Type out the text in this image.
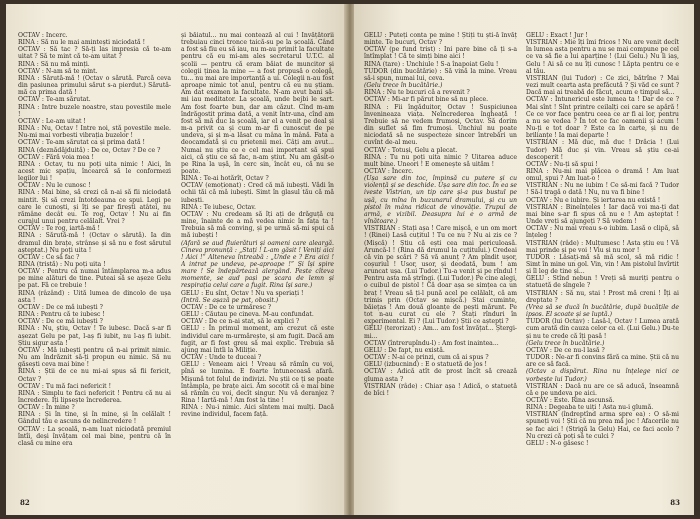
OCTAV : Încerc.

RINA : Să nu le mai amintești niciodată !

OCTAV : Să tac ? Să-ți las impresia că te-am uitat ? Să te mint că te-am uitat ?

RINA : Să nu mă minți.

OCTAV : N-am să te mint.

RINA : Sărută-mă ! (Octav o sărută. Parcă ceva din pasiunea primului sărut s-a pierdut.) Sărută-mă ca prima dată !

OCTAV : Te-am sărutat.

RINA : Intre buzele noastre, stau povestile mele !

OCTAV : Le-am uitat !

RINA : Nu, Octav ! Intre noi, stă povestile mele. Nu-mi mai vorbesti vibrația buzelor !

OCTAV : Te-am sărutat ca și prima dată !

RINA (deznădăjduită) : De ce, Octav ? De ce ?

OCTAV : Fără voia mea !

RINA : Octav, tu nu poți uita nimic ! Aici, în acest mic spațiu, încearcă să le conformezi legilor lui !

OCTAV : Nu le cunosc !

RINA : Mai bine, să crezi că n-ai să fii niciodată mintit. Și să crezi întotdeauna ce spui. Legi pe care le cunoști, și îți se par firești atâtei, nu rămâne decât eu. Te rog, Octav ! Nu ai fin curajul unui pentru celălalt. Vrei ?

OCTAV : Te rog, iartă-mă !

RINA : Sărută-mă ! (Octav o sărută). Ia din dramul din brațe, strânse și să nu e fost sărutul așteptat.) Nu poți uita !

OCTAV : Ce să fac ?

RINA (tristă) : Nu poți uita !

OCTAV : Pentru că numai întâmplarea m-a adus pe mine alături de tine. Puteai să se așeze Gelu pe pat. Fă ce trebuie !

RINA (râzând) : Uită lumea de dincolo de ușa asta !

OCTAV : De ce mă iubești ?

RINA : Pentru că te iubesc !

OCTAV : De ce mă iubești ?

RINA : Nu, știu, Octav ! Te iubesc. Dacă s-ar fi așezat Gelu pe pat, l-aș fi iubit, nu l-aș fi iubit. Știu sigur asta !

OCTAV : Mă iubești pentru că n-ai primit nimic. Nu am îndrăznit să-ți propun eu nimic. Să nu găsești ceva mai bine !

RINA : Știi de ce nu mi-ai spus să fii fericit, Octav ?

OCTAV : Tu mă faci nefericit !

RINA : Simplu te faci nefericit ! Pentru că nu ai încredere. Iți lipsește încrederea.

OCTAV : În mine ?

RINA : Și în tine, și în mine, și în celălalt ! Gândul tău e ascuns de nelincredere !

OCTAV : La școală, n-am luat niciodată premiul întîi, deși învățam cel mai bine, pentru că în clasă cu mine era

și băiatul... nu mai contează al cui ! Învățătorii trebuiau cinci tronce taică-su pe la școală. Când a fost să fiu eu să iau, nu m-au primit la facultate pentru că eu mi-am ales secretarul U.T.C. al școlii — pentru că eram băiat de muncitor și colegii ținea la mine — a fost propusă o colegă, tu... nu mai are importanță a ui. Colegii n-au fost aproape nimic tot anul, pentru că eu nu știam. Am dat examen la facultate. N-am avut bani să-mi iau meditator. La școală, unde bejbi le sart. Am fost foarte bun, dar am căzut. Cînd m-am îndrăgostit prima dată, a venit într-una, cînd am fost să mă duc la școală, iar el a venit pe deal și m-a privit ca și cum m-ar fi cunoscut de pe undeva, și și m-a lăsat cu mâna în mână. Fata a deocamdată și cu prietenii mei. Câți am avut... Numai nu știu ce e cel mai important să spui aici, că știu ce să fac, n-am știut. Nu am găsit-o pe Rina la ușă, în cerc sin, încât eu, că nu se poate.

RINA : Te-ai hotărît, Octav ?

OCTAV (emoționat) : Cred că mă iubești. Vădi în ochii tăi că mă iubești. Simt în glasul tău că mă iubești.

RINA : Te iubesc, Octav.

OCTAV : Nu credeam să îți ați de drăguță cu mine, înainte de a mă vedea nimic în fața ta ! Trebuia să mă conving, și pe urmă să-mi spui că mă iubești !

(Afară se aud fluierături și oameni care aleargă. Cineva pronunță : „Stați ! L-am găsit ! Veniți aici ! Aici !” Alteneva întreabă : „Unde e ? Era aici ! A intrat pe undeva, pe-aproape !” Și își spire mare ! Se îndepărtează alergând. Peste cîteva momente, se aud pași pe scara de lemn și respirația celui care a fugit. Rina își sare.)

GELU : Eu sînt, Octav ! Nu va speriați !

(Intră. Se așază pe pat, obosit.)

OCTAV : De ce te urmăresc ?

GELU : Căutau pe cineva. M-au confundat.

OCTAV : De ce n-ai stat, să le explici ?

GELU : În primul moment, am crezut că este individul care m-urmărește, și am fugit. Dacă am fugit, ar fi fost greu să mai explic. Trebuia să ajung mai întîi la Miliție.

OCTAV : Unde te duceai ?

GELU : Veneam aici ! Vreau să rămîn cu voi, pînă se lumina. E foarte întunecoasă afară. Mișună tot felul de indivizi. Nu știi ce ți se poate întâmpla, pe brațe aici. Ăm socotit că e mai bine să rămîn cu voi, decît singur. Nu vă deranjez ? Rina ! Iartă-mă ! Am fost la tine !

RINA : Nu-i nimic. Aici sîntem mai mulți. Dacă revine individul, facem față.

82

GELU : Puteți conta pe mine ! Știți tu ști-ă învăț minte. Te bucuri, Octav ?

OCTAV (pe fund trist) : Ini pare bine că ți s-a întîmplat ! Că te simți bine aici !

RINA (tare) : Unchiule ! S-a înapoiat Gelu !

TUDOR (din bucătărie) : Să vină la mine. Vreau să-i spun, numai lui, ceva.

(Gelu trece în bucătărie.)

RINA : Nu te bucuri că a revenit ?

OCTAV : Mi-ar fi părut bine să nu plece.

RINA : Fii îngăduitor, Octav ! Suspiciunea învenineaza viața. Neîncrederea îngheață ! Trebuie să ne vedem frumoși, Octav. Să dorim din suflet să fim frumoși. Unchiul nu poate niciodată să ne suspecteze sincer întrebări un cuvînt de-al meu.

OCTAV : Totuși, Gelu a plecat.

RINA : Tu nu poți uita nimic ? Uitarea aduce mult bine. Uneori ! E omenește să uităm !

OCTAV : Încerc.

(Ușa sare din toc, împinsă cu putere și cu violență și se deschide. Ușa sare din toc. În ea se iveste Vistrian, un tip care și-a pus bustul pe ușă, cu mîna în buzunarul dramului, și cu un pistol în mâna ridicat de vinovăție. Trupul de armă, e vizibil. Deasupra lui e o armă de vînătoare.)

VISTRIAN : Stați așa ! Care mișcă, e un om mort ! (Rinei) Lasă cuțitul ! Tu ce nu ? Nu ai zis ce ? (Mișcă) ! Știu că ești cea mai periculoasă. Aruncă-l ! (Rina dă drumul la cuțitului.) Credeai că vin pe scări ? Să vă anunț ? Am pîndit ușor, coșuriul ! Usor, usor, și deodată, bum ! am aruncat ușa. (Lui Tudor.) Tu-a venit și pe rîndul ! Pentru asta mă ștrîngi. (Lui Tudor.) Pe cine alegi, o cuibul de pistol ! Că doar așa se simțea ca un braț ! Vreau să ți-l pună acel pe celălalt, că am trimis prin (Octav se mișcă.) Stai cuminte, băiețas ! Am două gloanțe de pești mărunt. Pe tot n-au curat cu ele ? Stați rînduri în experimental. Ei ? (Lui Tudor.) Știi ce aștepți ?

GELU (terorizat) : Am... am fost învățat... Ștergi-mi...

OCTAV (întrerupîndu-l) : Am fost inaintea...

GELU : De fapt, nu există.

OCTAV : N-ai ce prinzi, cum că ai spus ?

GELU (izbucnind) : E o statuetă de jos !

OCTAV : Adică atît de prost încît să crează gluma asta ?

VISTRIAN (râde) : Chiar așa ! Adică, o statuetă de bîci !

GELU : Exact ! Jur !

VISTRIAN : Mie îți îmi fricos ! Nu are venit decît în lumea asta pentru a nu se mai compune pe cel ce va să fie a lui aparține ! (Lui Gelu.) Nu îi iaș, Gelu ! Ai să ce nu îți cunosc ! Lăpta pentru ce e al tău.

VISTRIAN (lui Tudor) : Ce zici, bătrîne ? Mai vezi mult cearta asta prefăcută ? Și văd ce sunt ? Dacă mai ai treabă de făcut, acum e timpul să...

OCTAV : Întunericul este lumea ta ! Dar de ce ? Mai sînt ! Sînt printre ceilalți cei care se apără ! Ce ce vor face pentru ceea ce ar fi ai lor, pentru a nu se vedea ? În tot ce fac oamenii și acum ! Nu-ți e tot doar ? Este ca în carte, și nu de brilianțe ! Ia mai departe !

VISTRIAN : Mă duc, mă duc ! Drăcia ! (Lui Tudor) Mă duc și vin. Vreau să știu ce-ai descoperit !

OCTAV : Nu-ți să spui !

RINA : Nu-mi mai plăcea o dramă ! Am luat omul, spui ? Am luat-o !

VISTRIAN : Nu ne iubim ! Ce să-mi facă ? Tudor ! Să-l tragă o dată ! Nu, nu va fi bine !

OCTAV : Nu e iubire. Și iertarea nu există !

VISTRIAN : Bineînțeles ! Iar dacă voi ma-ți dat mai bine s-ar fi spus că nu e ! Am așteptat ! Unde vreți să ajungeți ? Să vedem !

OCTAV : Nu mai vreau s-o iubim. Lasă o clipă, să înțeleg !

VISTRIAN (râde) : Mulțumesc ! Asta știu eu ! Vă mai prinde și pe voi ! Viu și nu mor !

TUDOR : Lăsați-mă să mă scol, să mă ridic ! Simt în mine un gol. Vin, vin ! Am pistolul învîrtit și îl leg de tine și...

GELU : Stînd nebun ! Vreți să muriți pentru o statuetă de sîngele ?

VISTRIAN : Să nu, stai ! Prost mă creni ! Îți ai dreptate ?

(Vrea să se ducă în bucătărie, după bucățile de ipsos. El scoate și se luptă.)

TUDOR (lui Octav) : Lasă-l, Octav ! Lumea arată cum arată din cauza celor ca el. (Lui Gelu.) Du-te și nu te crede că îți pasă !

(Gelu trece în bucătărie.)

OCTAV : De ce nu-l lasă ?

TUDOR : Ne-ar fi convins fără ca mine. Știi că nu are ce să facă.

(Octav a dispărut. Rina nu înțelege nici ce vorbește lui Tudor.)

VISTRIAN : Dacă nu are ce să aducă, înseamnă că e pe undeva pe aici.

OCTAV : Este. Rina ascunsă.

RINA : Degeaba te uiți ! Asta nu-i glumă.

VISTRIAN (îndreptînd arma spre ea) : O să-mi spuneți voi ! Știi că nu prea mă joc ! Afacerile nu se fac aici ! (Strigă la Gelu) Hai, ce faci acolo ? Nu crezi că poți să te culci ?

GELU : N-o găsesc !

83
